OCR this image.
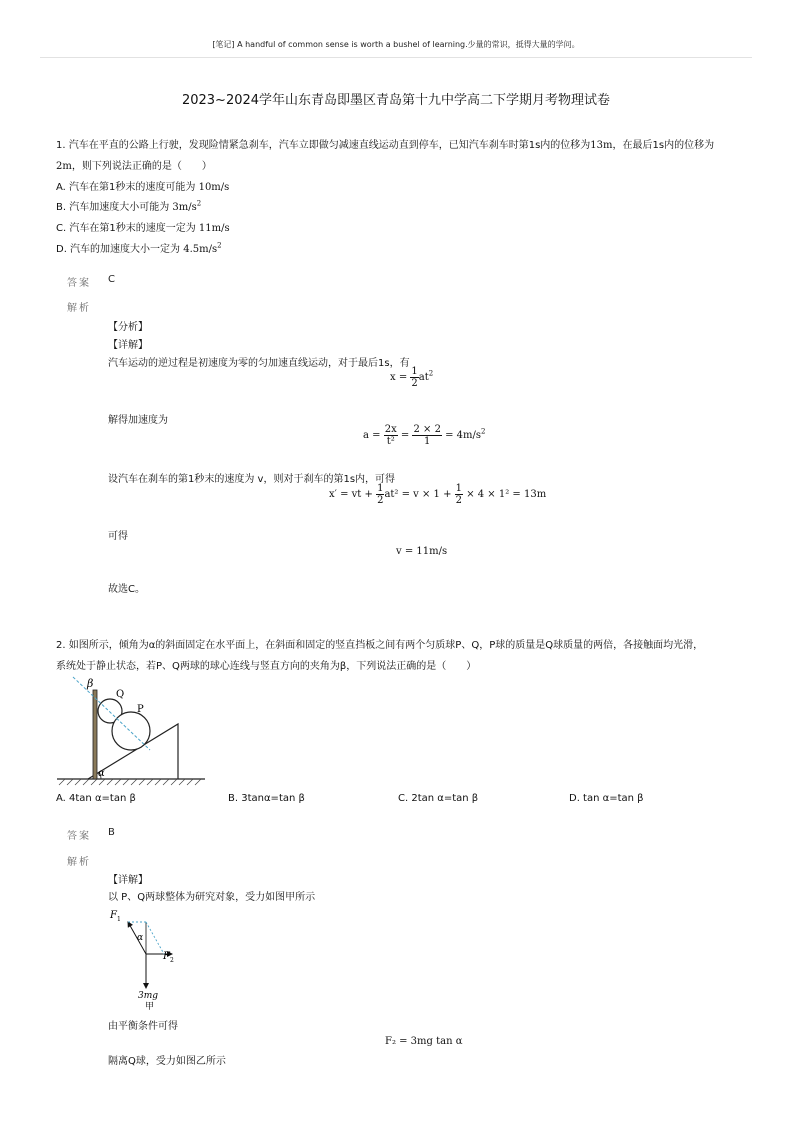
[笔记] A handful of common sense is worth a bushel of learning.少量的常识，抵得大量的学问。
2023~2024学年山东青岛即墨区青岛第十九中学高二下学期月考物理试卷
1. 汽车在平直的公路上行驶，发现险情紧急刹车，汽车立即做匀减速直线运动直到停车，已知汽车刹车时第1s内的位移为13m，在最后1s内的位移为
2m，则下列说法正确的是（　　）
A. 汽车在第1秒末的速度可能为 10m/s
B. 汽车加速度大小可能为 $3m/s^2$
C. 汽车在第1秒末的速度一定为 11m/s
D. 汽车的加速度大小一定为 $4.5m/s^2$
答案 C
解析
【分析】
【详解】
汽车运动的逆过程是初速度为零的匀加速直线运动，对于最后1s，有
$x = \frac{1}{2} at^2$
解得加速度为
$a = \frac{2x}{\text{t²}} = \frac{2 \times 2}{1} = 4m/s^2$
设汽车在刹车的第1秒末的速度为 v，则对于刹车的第1s内，可得
x′ = vt + $\frac{1}{2} at^2 = v \times 1 + \frac{1}{2} \times 4 \times 1^2 = 13m$
可得
v = 11m/s
故选C。
2. 如图所示，倾角为α的斜面固定在水平面上，在斜面和固定的竖直挡板之间有两个匀质球P、Q，P球的质量是Q球质量的两倍，各接触面均光滑，
系统处于静止状态，若P、Q两球的球心连线与竖直方向的夹角为β，下列说法正确的是（　　）
β
Q
P
α
A. 4tan α=tan β	B. 3tanα=tan β	C. 2tan α=tan β	D. tan α=tan β
答案 B
解析
【详解】
以 P、Q两球整体为研究对象，受力如图甲所示
F 1
α
F 2
3mg
甲
由平衡条件可得
F₂ = 3mg tan α
隔离Q球，受力如图乙所示
